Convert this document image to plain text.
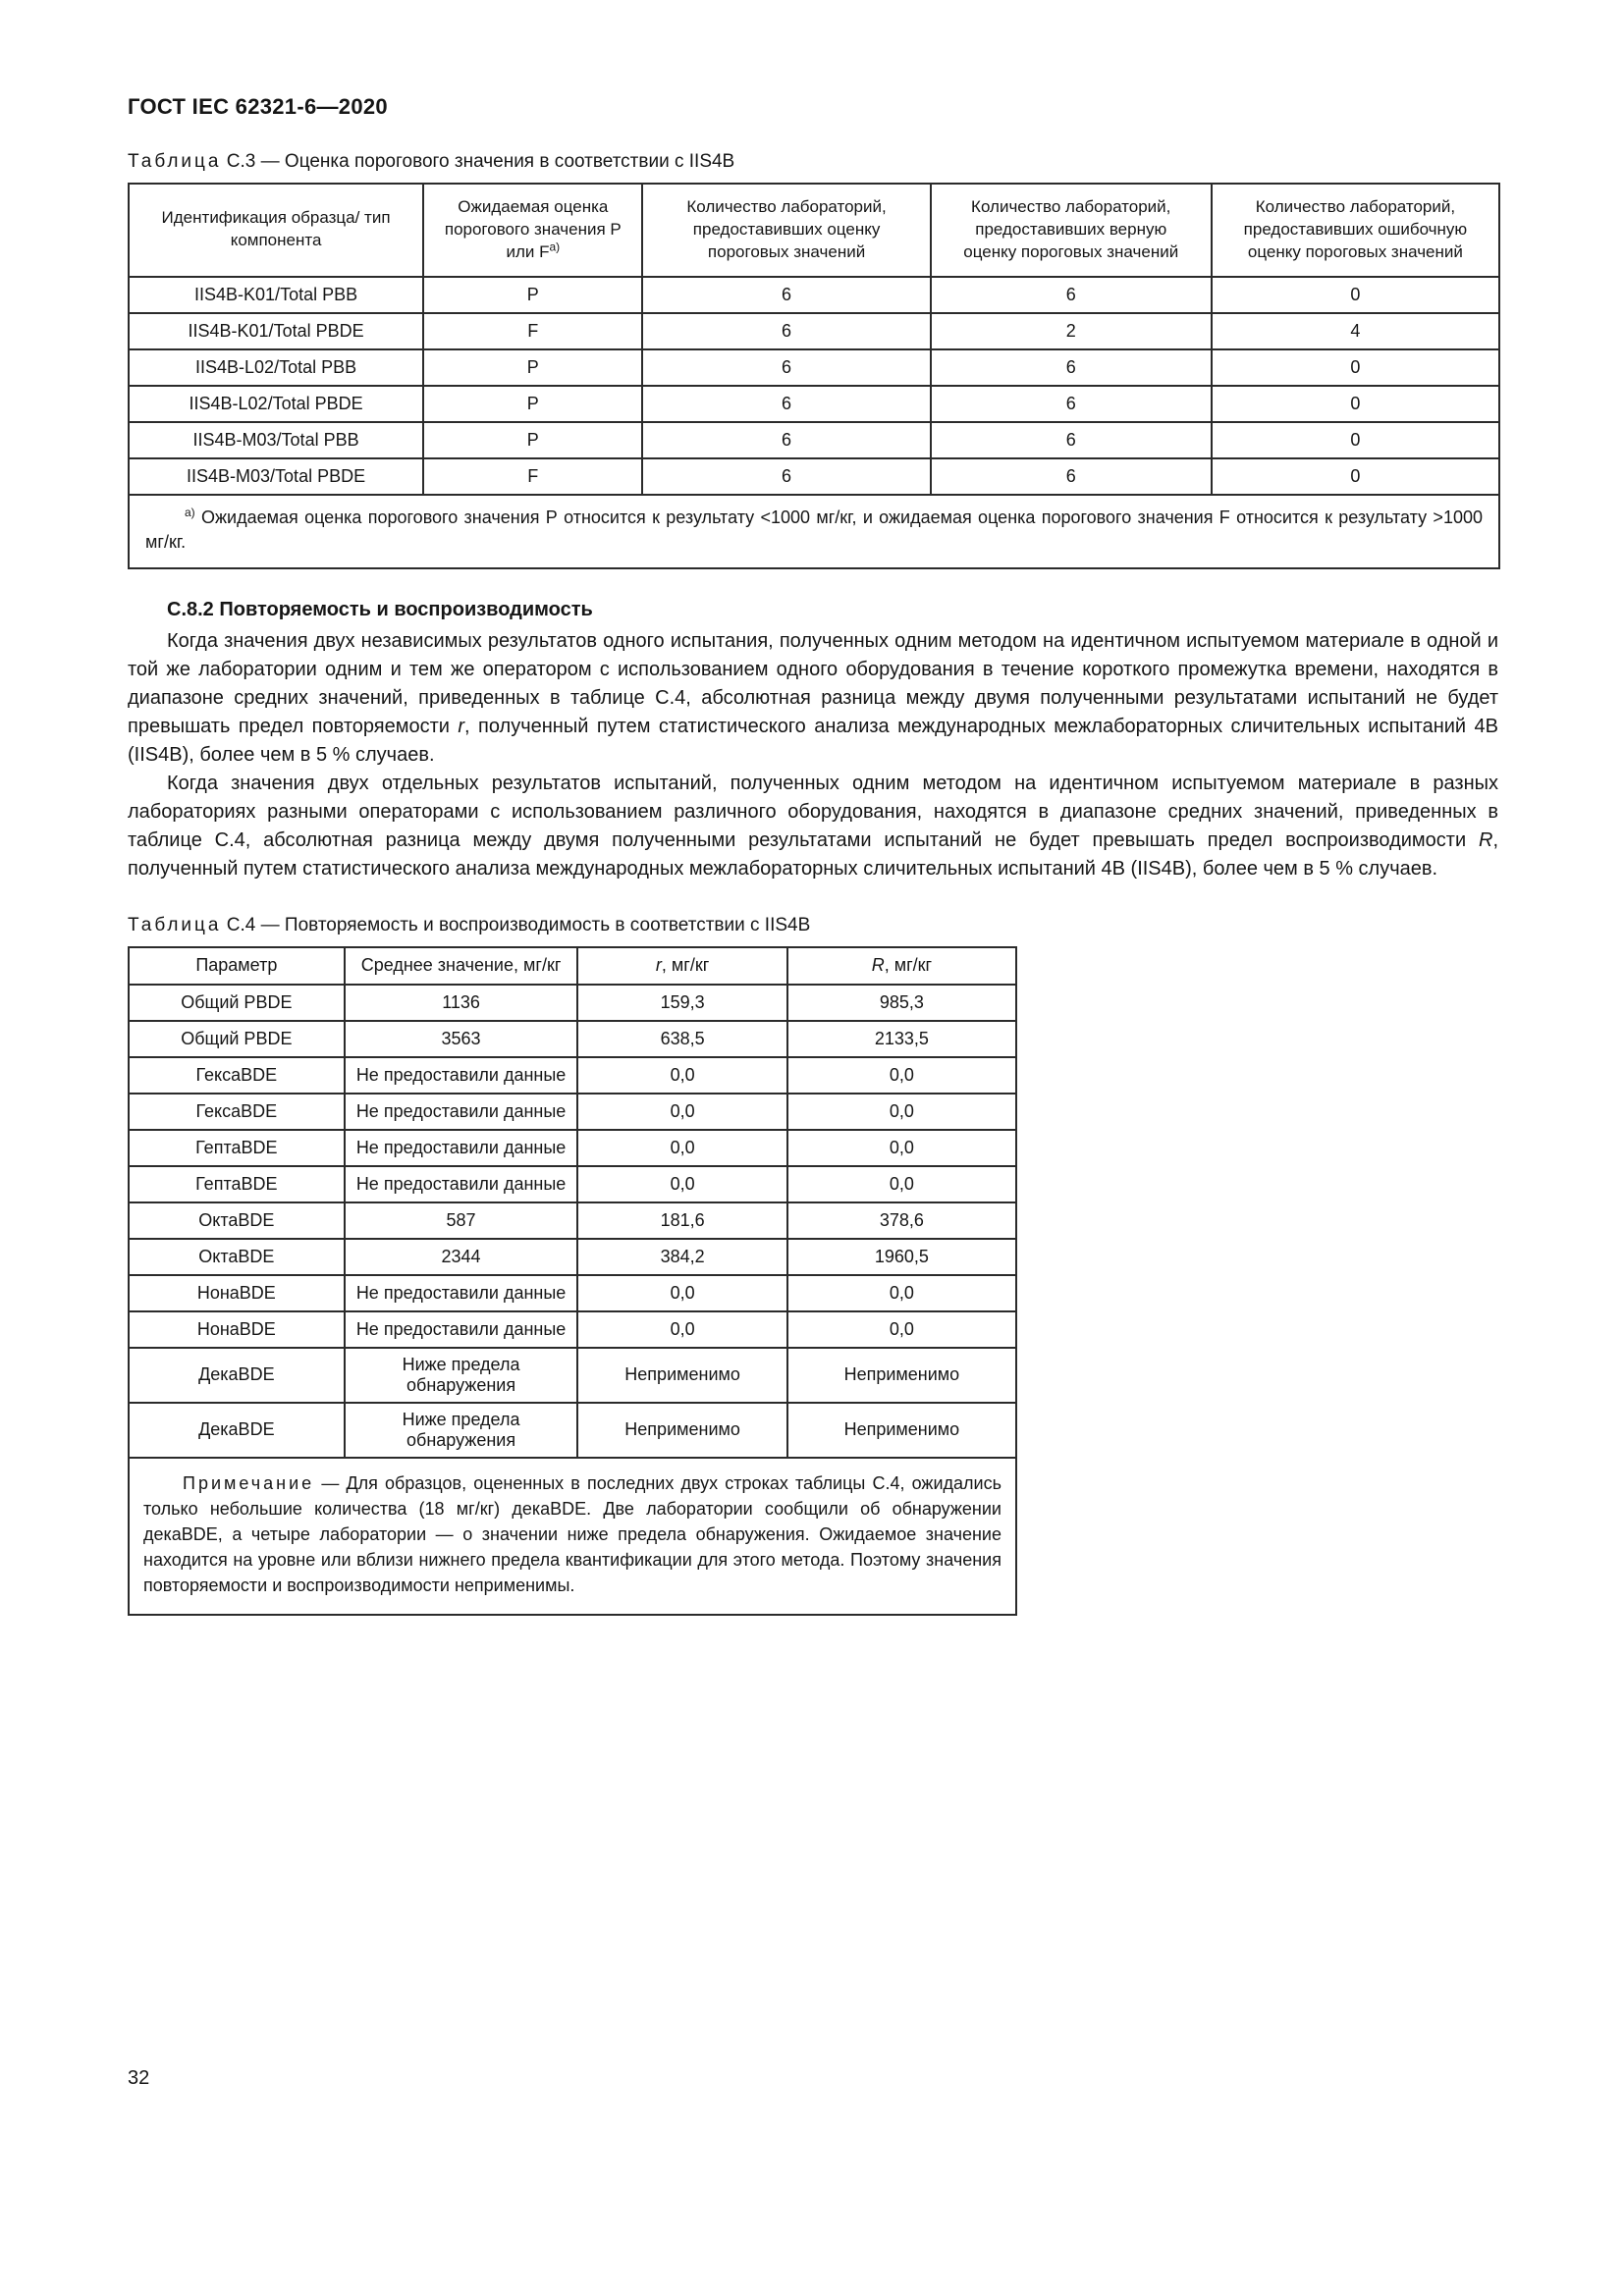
ГОСТ IEC 62321-6—2020

Таблица С.3 — Оценка порогового значения в соответствии с IIS4B

Идентификация образца/ тип компонента	Ожидаемая оценка порогового значения Р или $F^{а)}$	Количество лабораторий, предоставивших оценку пороговых значений	Количество лабораторий, предоставивших верную оценку пороговых значений	Количество лабораторий, предоставивших ошибочную оценку пороговых значений
IIS4B-K01/Total PBB	P	6	6	0
IIS4B-K01/Total PBDE	F	6	2	4
IIS4B-L02/Total PBB	P	6	6	0
IIS4B-L02/Total PBDE	P	6	6	0
IIS4B-M03/Total PBB	P	6	6	0
IIS4B-M03/Total PBDE	F	6	6	0

$^{а)}$ Ожидаемая оценка порогового значения Р относится к результату <1000 мг/кг, и ожидаемая оценка порогового значения F относится к результату >1000 мг/кг.				
С.8.2 Повторяемость и воспроизводимость

Когда значения двух независимых результатов одного испытания, полученных одним методом на идентичном испытуемом материале в одной и той же лаборатории одним и тем же оператором с использованием одного оборудования в течение короткого промежутка времени, находятся в диапазоне средних значений, приведенных в таблице С.4, абсолютная разница между двумя полученными результатами испытаний не будет превышать предел повторяемости r, полученный путем статистического анализа международных межлабораторных сличительных испытаний 4В (IIS4B), более чем в 5 % случаев.

Когда значения двух отдельных результатов испытаний, полученных одним методом на идентичном испытуемом материале в разных лабораториях разными операторами с использованием различного оборудования, находятся в диапазоне средних значений, приведенных в таблице С.4, абсолютная разница между двумя полученными результатами испытаний не будет превышать предел воспроизводимости R, полученный путем статистического анализа международных межлабораторных сличительных испытаний 4В (IIS4B), более чем в 5 % случаев.

Таблица С.4 — Повторяемость и воспроизводимость в соответствии с IIS4B

Параметр	Среднее значение, мг/кг	r, мг/кг	R, мг/кг
Общий PBDE	1136	159,3	985,3
Общий PBDE	3563	638,5	2133,5
ГексаBDE	Не предоставили данные	0,0	0,0
ГексаBDE	Не предоставили данные	0,0	0,0
ГептаBDE	Не предоставили данные	0,0	0,0
ГептаBDE	Не предоставили данные	0,0	0,0
ОктаBDE	587	181,6	378,6
ОктаBDE	2344	384,2	1960,5
НонаBDE	Не предоставили данные	0,0	0,0
НонаBDE	Не предоставили данные	0,0	0,0
ДекаBDE	Ниже предела обнаружения	Неприменимо	Неприменимо
ДекаBDE	Ниже предела обнаружения	Неприменимо	Неприменимо

Примечание — Для образцов, оцененных в последних двух строках таблицы С.4, ожидались только небольшие количества (18 мг/кг) декаBDE. Две лаборатории сообщили об обнаружении декаBDE, а четыре лаборатории — о значении ниже предела обнаружения. Ожидаемое значение находится на уровне или вблизи нижнего предела квантификации для этого метода. Поэтому значения повторяемости и воспроизводимости неприменимы.			
32
